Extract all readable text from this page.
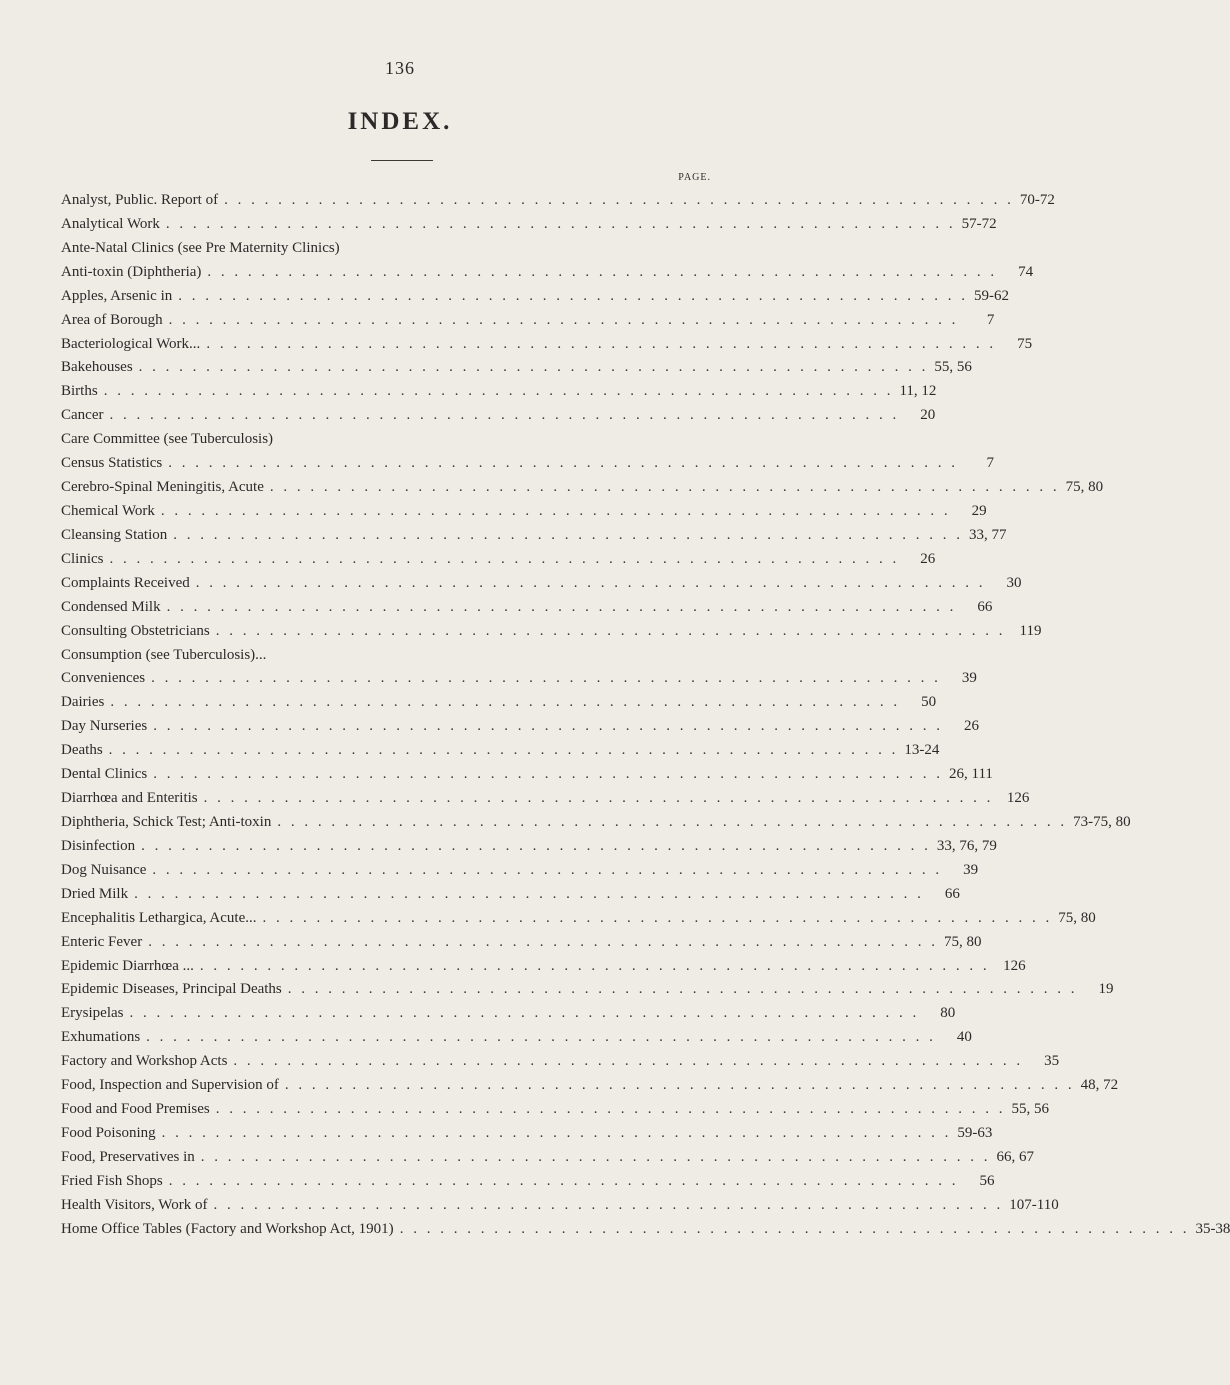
136
INDEX.
PAGE.
Analyst, Public. Report of . . . . . . . . . . . . . . . . . . . . . . . . . . . . . . . . . . . . . . . . . . . . . . . . . . . . . . . . . . . 70-72
Analytical Work . . . . . . . . . . . . . . . . . . . . . . . . . . . . . . . . . . . . . . . . . . . . . . . . . . . . . . . . . . . 57-72
Ante-Natal Clinics (see Pre Maternity Clinics)
Anti-toxin (Diphtheria) . . . . . . . . . . . . . . . . . . . . . . . . . . . . . . . . . . . . . . . . . . . . . . . . . . . . . . . . . . .	74
Apples, Arsenic in . . . . . . . . . . . . . . . . . . . . . . . . . . . . . . . . . . . . . . . . . . . . . . . . . . . . . . . . . . . 59-62
Area of Borough . . . . . . . . . . . . . . . . . . . . . . . . . . . . . . . . . . . . . . . . . . . . . . . . . . . . . . . . . . .	7
Bacteriological Work... . . . . . . . . . . . . . . . . . . . . . . . . . . . . . . . . . . . . . . . . . . . . . . . . . . . . . . . . . . .	75
Bakehouses . . . . . . . . . . . . . . . . . . . . . . . . . . . . . . . . . . . . . . . . . . . . . . . . . . . . . . . . . . . 55, 56
Births . . . . . . . . . . . . . . . . . . . . . . . . . . . . . . . . . . . . . . . . . . . . . . . . . . . . . . . . . . . 11, 12
Cancer . . . . . . . . . . . . . . . . . . . . . . . . . . . . . . . . . . . . . . . . . . . . . . . . . . . . . . . . . . .	20
Care Committee (see Tuberculosis)
Census Statistics . . . . . . . . . . . . . . . . . . . . . . . . . . . . . . . . . . . . . . . . . . . . . . . . . . . . . . . . . . .	7
Cerebro-Spinal Meningitis, Acute . . . . . . . . . . . . . . . . . . . . . . . . . . . . . . . . . . . . . . . . . . . . . . . . . . . . . . . . . . . 75, 80
Chemical Work . . . . . . . . . . . . . . . . . . . . . . . . . . . . . . . . . . . . . . . . . . . . . . . . . . . . . . . . . . .	29
Cleansing Station . . . . . . . . . . . . . . . . . . . . . . . . . . . . . . . . . . . . . . . . . . . . . . . . . . . . . . . . . . . 33, 77
Clinics . . . . . . . . . . . . . . . . . . . . . . . . . . . . . . . . . . . . . . . . . . . . . . . . . . . . . . . . . . .	26
Complaints Received . . . . . . . . . . . . . . . . . . . . . . . . . . . . . . . . . . . . . . . . . . . . . . . . . . . . . . . . . . .	30
Condensed Milk . . . . . . . . . . . . . . . . . . . . . . . . . . . . . . . . . . . . . . . . . . . . . . . . . . . . . . . . . . .	66
Consulting Obstetricians . . . . . . . . . . . . . . . . . . . . . . . . . . . . . . . . . . . . . . . . . . . . . . . . . . . . . . . . . . . 119
Consumption (see Tuberculosis)...
Conveniences . . . . . . . . . . . . . . . . . . . . . . . . . . . . . . . . . . . . . . . . . . . . . . . . . . . . . . . . . . .	39
Dairies . . . . . . . . . . . . . . . . . . . . . . . . . . . . . . . . . . . . . . . . . . . . . . . . . . . . . . . . . . .	50
Day Nurseries . . . . . . . . . . . . . . . . . . . . . . . . . . . . . . . . . . . . . . . . . . . . . . . . . . . . . . . . . . .	26
Deaths . . . . . . . . . . . . . . . . . . . . . . . . . . . . . . . . . . . . . . . . . . . . . . . . . . . . . . . . . . . 13-24
Dental Clinics . . . . . . . . . . . . . . . . . . . . . . . . . . . . . . . . . . . . . . . . . . . . . . . . . . . . . . . . . . . 26, 111
Diarrhœa and Enteritis . . . . . . . . . . . . . . . . . . . . . . . . . . . . . . . . . . . . . . . . . . . . . . . . . . . . . . . . . . . 126
Diphtheria, Schick Test; Anti-toxin . . . . . . . . . . . . . . . . . . . . . . . . . . . . . . . . . . . . . . . . . . . . . . . . . . . . . . . . . . . 73-75, 80
Disinfection . . . . . . . . . . . . . . . . . . . . . . . . . . . . . . . . . . . . . . . . . . . . . . . . . . . . . . . . . . . 33, 76, 79
Dog Nuisance . . . . . . . . . . . . . . . . . . . . . . . . . . . . . . . . . . . . . . . . . . . . . . . . . . . . . . . . . . .	39
Dried Milk . . . . . . . . . . . . . . . . . . . . . . . . . . . . . . . . . . . . . . . . . . . . . . . . . . . . . . . . . . .	66
Encephalitis Lethargica, Acute... . . . . . . . . . . . . . . . . . . . . . . . . . . . . . . . . . . . . . . . . . . . . . . . . . . . . . . . . . . . 75, 80
Enteric Fever . . . . . . . . . . . . . . . . . . . . . . . . . . . . . . . . . . . . . . . . . . . . . . . . . . . . . . . . . . . 75, 80
Epidemic Diarrhœa ... . . . . . . . . . . . . . . . . . . . . . . . . . . . . . . . . . . . . . . . . . . . . . . . . . . . . . . . . . . . 126
Epidemic Diseases, Principal Deaths . . . . . . . . . . . . . . . . . . . . . . . . . . . . . . . . . . . . . . . . . . . . . . . . . . . . . . . . . . .	19
Erysipelas . . . . . . . . . . . . . . . . . . . . . . . . . . . . . . . . . . . . . . . . . . . . . . . . . . . . . . . . . . .	80
Exhumations . . . . . . . . . . . . . . . . . . . . . . . . . . . . . . . . . . . . . . . . . . . . . . . . . . . . . . . . . . .	40
Factory and Workshop Acts . . . . . . . . . . . . . . . . . . . . . . . . . . . . . . . . . . . . . . . . . . . . . . . . . . . . . . . . . . .	35
Food, Inspection and Supervision of . . . . . . . . . . . . . . . . . . . . . . . . . . . . . . . . . . . . . . . . . . . . . . . . . . . . . . . . . . . 48, 72
Food and Food Premises . . . . . . . . . . . . . . . . . . . . . . . . . . . . . . . . . . . . . . . . . . . . . . . . . . . . . . . . . . . 55, 56
Food Poisoning . . . . . . . . . . . . . . . . . . . . . . . . . . . . . . . . . . . . . . . . . . . . . . . . . . . . . . . . . . . 59-63
Food, Preservatives in . . . . . . . . . . . . . . . . . . . . . . . . . . . . . . . . . . . . . . . . . . . . . . . . . . . . . . . . . . . 66, 67
Fried Fish Shops . . . . . . . . . . . . . . . . . . . . . . . . . . . . . . . . . . . . . . . . . . . . . . . . . . . . . . . . . . .	56
Health Visitors, Work of . . . . . . . . . . . . . . . . . . . . . . . . . . . . . . . . . . . . . . . . . . . . . . . . . . . . . . . . . . . 107-110
Home Office Tables (Factory and Workshop Act, 1901) . . . . . . . . . . . . . . . . . . . . . . . . . . . . . . . . . . . . . . . . . . . . . . . . . . . . . . . . . . . 35-38
